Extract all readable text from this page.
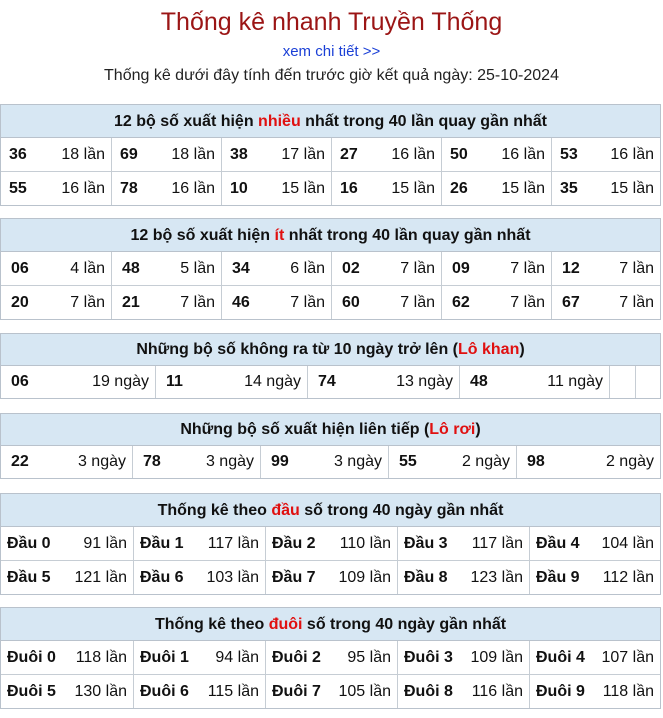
Thống kê nhanh Truyền Thống
xem chi tiết >>
Thống kê dưới đây tính đến trước giờ kết quả ngày: 25-10-2024
12 bộ số xuất hiện nhiều nhất trong 40 lần quay gần nhất
36 18 lần 69 18 lần 38 17 lần 27 16 lần 50 16 lần 53 16 lần
55 16 lần 78 16 lần 10 15 lần 16 15 lần 26 15 lần 35 15 lần
12 bộ số xuất hiện ít nhất trong 40 lần quay gần nhất
06	4 lần	48	5 lần	34	6 lần	02	7 lần	09	7 lần	12 7 lần
20	7 lần	21	7 lần	46	7 lần	60	7 lần	62	7 lần	67 7 lần
Những bộ số không ra từ 10 ngày trở lên (Lô khan)
06	19 ngày	11	14 ngày	74	13 ngày	48	11 ngày
Những bộ số xuất hiện liên tiếp (Lô rơi)
22	3 ngày	78	3 ngày	99	3 ngày	55	2 ngày	98	2 ngày
Thống kê theo đầu số trong 40 ngày gần nhất
Đầu 0 91 lần Đầu 1 117 lần Đầu 2 110 lần Đầu 3 117 lần Đầu 4 104 lần
Đầu 5 121 lần Đầu 6 103 lần Đầu 7 109 lần Đầu 8 123 lần Đầu 9 112 lần
Thống kê theo đuôi số trong 40 ngày gần nhất
Đuôi 0 118 lần Đuôi 1 94 lần Đuôi 2 95 lần Đuôi 3 109 lần Đuôi 4 107 lần
Đuôi 5 130 lần Đuôi 6 115 lần Đuôi 7 105 lần Đuôi 8 116 lần Đuôi 9 118 lần
